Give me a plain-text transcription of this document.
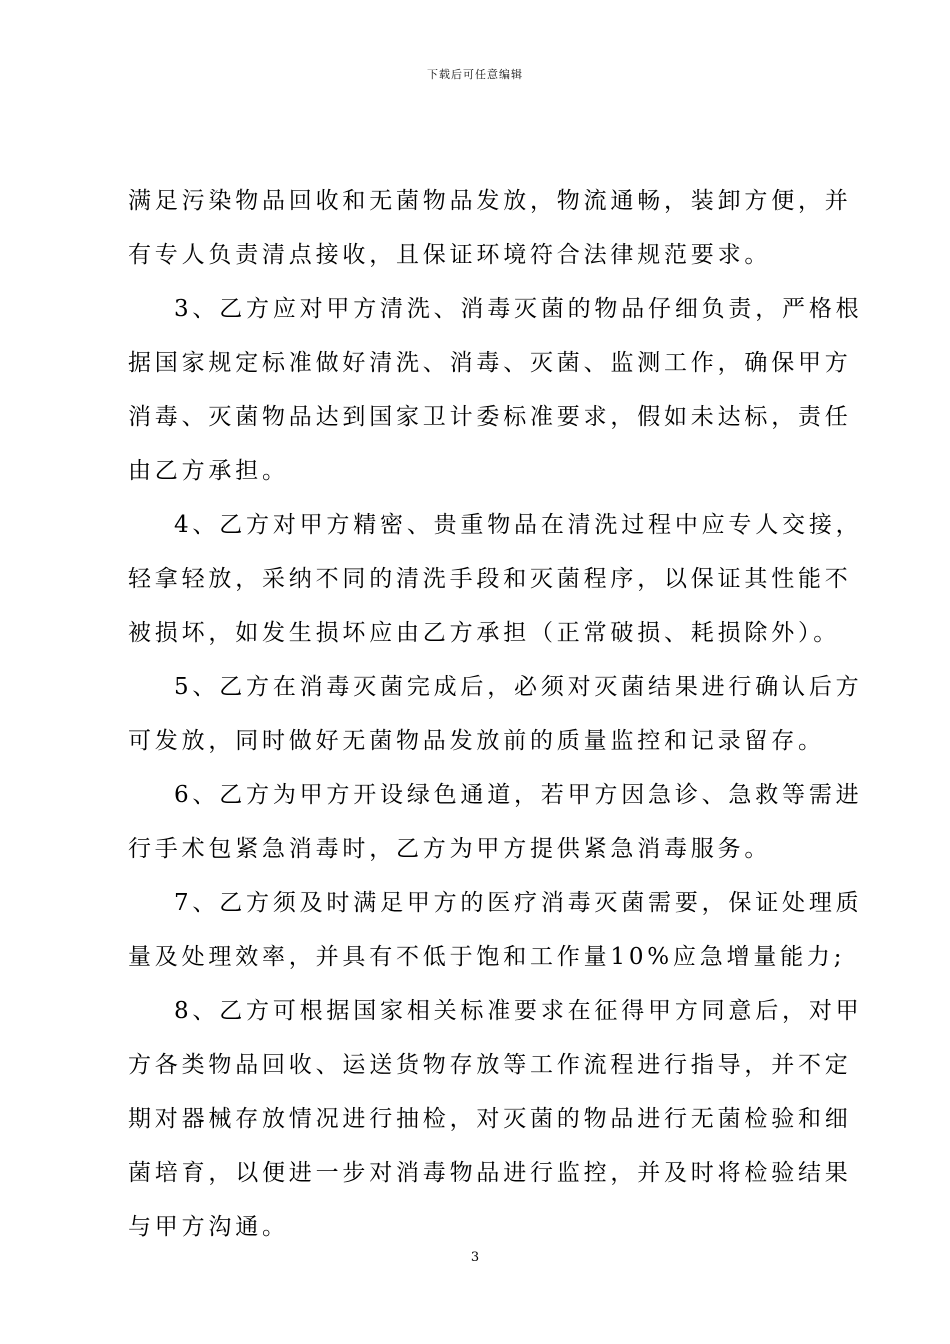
下载后可任意编辑
满足污染物品回收和无菌物品发放，物流通畅，装卸方便，并
有专人负责清点接收，且保证环境符合法律规范要求。
3、乙方应对甲方清洗、消毒灭菌的物品仔细负责，严格根
据国家规定标准做好清洗、消毒、灭菌、监测工作，确保甲方
消毒、灭菌物品达到国家卫计委标准要求，假如未达标，责任
由乙方承担。
4、乙方对甲方精密、贵重物品在清洗过程中应专人交接，
轻拿轻放，采纳不同的清洗手段和灭菌程序，以保证其性能不
被损坏，如发生损坏应由乙方承担（正常破损、耗损除外）。
5、乙方在消毒灭菌完成后，必须对灭菌结果进行确认后方
可发放，同时做好无菌物品发放前的质量监控和记录留存。
6、乙方为甲方开设绿色通道，若甲方因急诊、急救等需进
行手术包紧急消毒时，乙方为甲方提供紧急消毒服务。
7、乙方须及时满足甲方的医疗消毒灭菌需要，保证处理质
量及处理效率，并具有不低于饱和工作量10%应急增量能力;
8、乙方可根据国家相关标准要求在征得甲方同意后，对甲
方各类物品回收、运送货物存放等工作流程进行指导，并不定
期对器械存放情况进行抽检，对灭菌的物品进行无菌检验和细
菌培育，以便进一步对消毒物品进行监控，并及时将检验结果
与甲方沟通。
3
